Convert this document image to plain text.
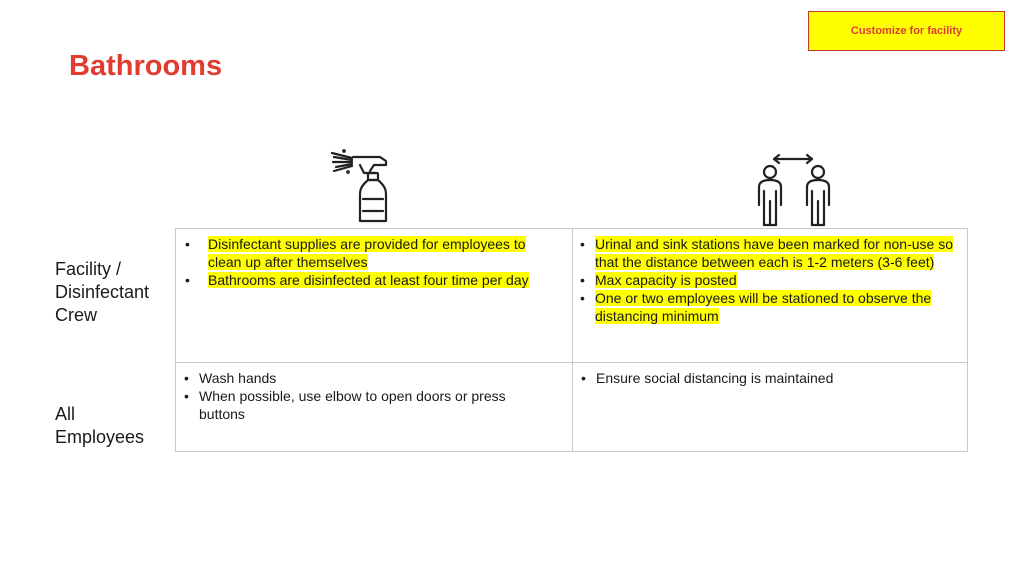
Customize for facility
Bathrooms
Facility /
Disinfectant
Crew
All
Employees
• Disinfectant supplies are provided for employees to clean up after themselves
• Bathrooms are disinfected at least four time per day
• Urinal and sink stations have been marked for non-use so that the distance between each is 1-2 meters (3-6 feet)
• Max capacity is posted
• One or two employees will be stationed to observe the distancing minimum
• Wash hands
• When possible, use elbow to open doors or press buttons
• Ensure social distancing is maintained
